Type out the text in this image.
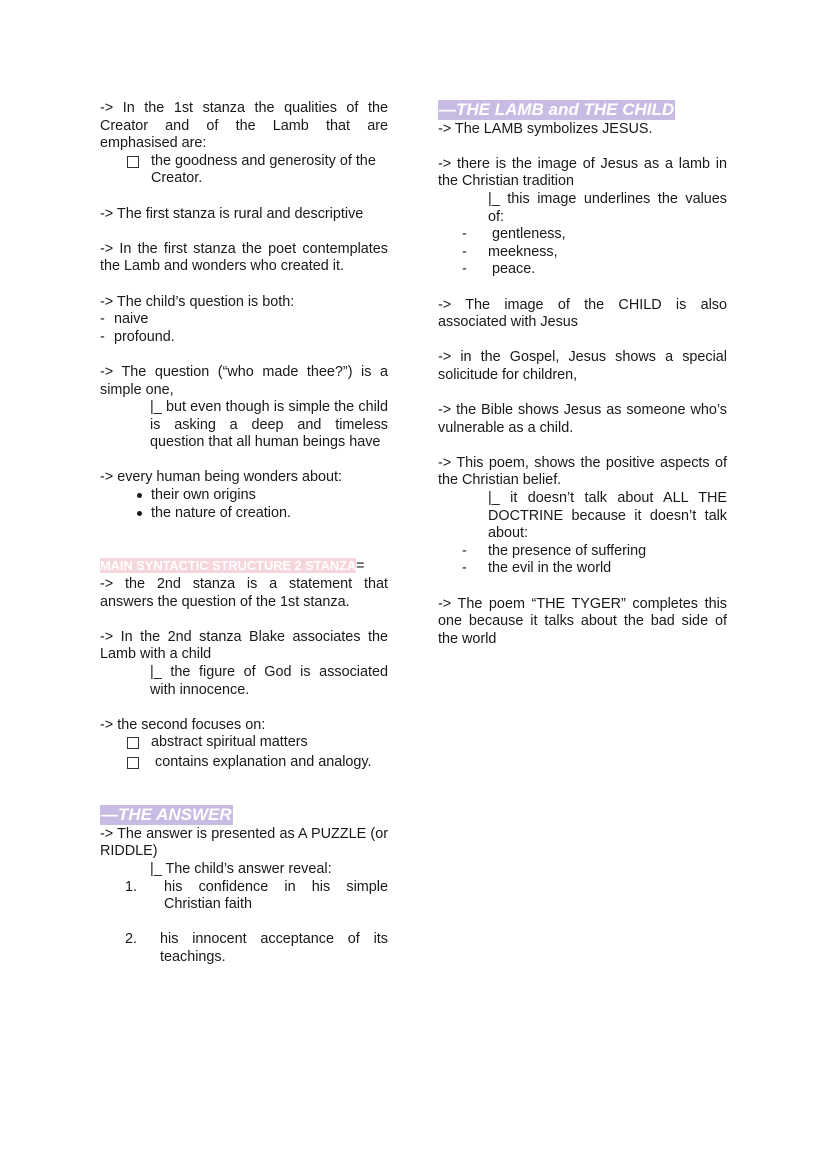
-> In the 1st stanza the qualities of the Creator and of the Lamb that are emphasised are:

the goodness and generosity of the Creator.

-> The first stanza is rural and descriptive

-> In the first stanza the poet contemplates the Lamb and wonders who created it.

-> The child’s question is both:

- naive
- profound.

-> The question (“who made thee?”) is a simple one,

|_ but even though is simple the child is asking a deep and timeless question that all human beings have

-> every human being wonders about:

their own origins
the nature of creation.

MAIN SYNTACTIC STRUCTURE 2 STANZA=

-> the 2nd stanza is a statement that answers the question of the 1st stanza.

-> In the 2nd stanza Blake associates the Lamb with a child

|_ the figure of God is associated with innocence.

-> the second focuses on:

abstract spiritual matters
contains explanation and analogy.
—THE ANSWER

-> The answer is presented as A PUZZLE (or RIDDLE)

|_ The child’s answer reveal:

1.	his confidence in his simple Christian faith
2.	his innocent acceptance of its teachings.
—THE LAMB and THE CHILD

-> The LAMB symbolizes JESUS.

-> there is the image of Jesus as a lamb in the Christian tradition

|_ this image underlines the values of:

-	gentleness,
-	meekness,
-	peace.

-> The image of the CHILD is also associated with Jesus

-> in the Gospel, Jesus shows a special solicitude for children,

-> the Bible shows Jesus as someone who’s vulnerable as a child.

-> This poem, shows the positive aspects of the Christian belief.

|_ it doesn’t talk about ALL THE DOCTRINE because it doesn’t talk about:

-	the presence of suffering
-	the evil in the world

-> The poem “THE TYGER” completes this one because it talks about the bad side of the world
